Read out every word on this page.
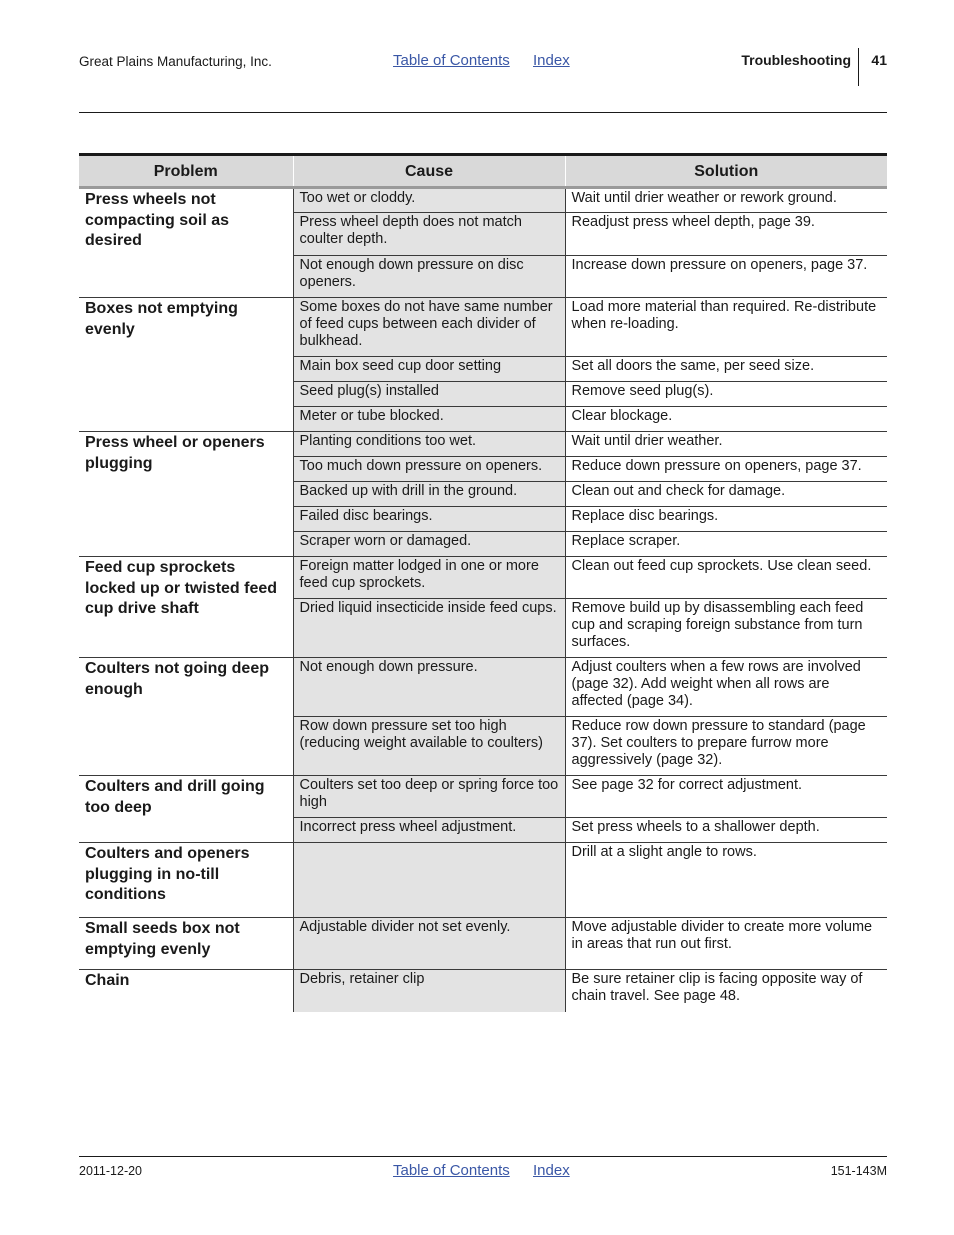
Great Plains Manufacturing, Inc.	Table of Contents Index	Troubleshooting 41
Problem	Cause	Solution
Press wheels not compacting soil as desired	Too wet or cloddy.	Wait until drier weather or rework ground.
	Press wheel depth does not match coulter depth.	Readjust press wheel depth, page 39.
	Not enough down pressure on disc openers.	Increase down pressure on openers, page 37.
Boxes not emptying evenly	Some boxes do not have same number of feed cups between each divider of bulkhead.	Load more material than required. Re-distribute when re-loading.
	Main box seed cup door setting	Set all doors the same, per seed size.
	Seed plug(s) installed	Remove seed plug(s).
	Meter or tube blocked.	Clear blockage.
Press wheel or openers plugging	Planting conditions too wet.	Wait until drier weather.
	Too much down pressure on openers.	Reduce down pressure on openers, page 37.
	Backed up with drill in the ground.	Clean out and check for damage.
	Failed disc bearings.	Replace disc bearings.
	Scraper worn or damaged.	Replace scraper.
Feed cup sprockets locked up or twisted feed cup drive shaft	Foreign matter lodged in one or more feed cup sprockets.	Clean out feed cup sprockets. Use clean seed.
	Dried liquid insecticide inside feed cups.	Remove build up by disassembling each feed cup and scraping foreign substance from turn surfaces.
Coulters not going deep enough	Not enough down pressure.	Adjust coulters when a few rows are involved (page 32). Add weight when all rows are affected (page 34).
	Row down pressure set too high (reducing weight available to coulters)	Reduce row down pressure to standard (page 37). Set coulters to prepare furrow more aggressively (page 32).
Coulters and drill going too deep	Coulters set too deep or spring force too high	See page 32 for correct adjustment.
	Incorrect press wheel adjustment.	Set press wheels to a shallower depth.
Coulters and openers plugging in no-till conditions		Drill at a slight angle to rows.
Small seeds box not emptying evenly	Adjustable divider not set evenly.	Move adjustable divider to create more volume in areas that run out first.
Chain	Debris, retainer clip	Be sure retainer clip is facing opposite way of chain travel. See page 48.
2011-12-20	Table of Contents Index	151-143M
